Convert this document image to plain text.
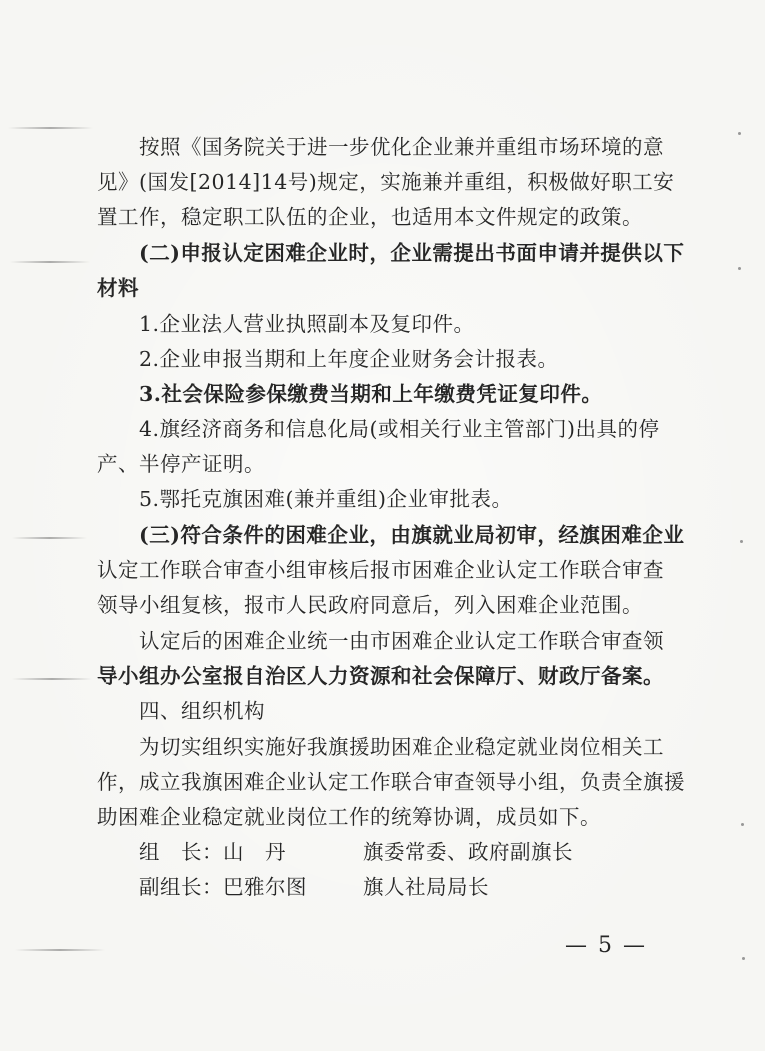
按照《国务院关于进一步优化企业兼并重组市场环境的意
见》(国发[2014]14号)规定，实施兼并重组，积极做好职工安
置工作，稳定职工队伍的企业，也适用本文件规定的政策。
(二)申报认定困难企业时，企业需提出书面申请并提供以下
材料
1.企业法人营业执照副本及复印件。
2.企业申报当期和上年度企业财务会计报表。
3.社会保险参保缴费当期和上年缴费凭证复印件。
4.旗经济商务和信息化局(或相关行业主管部门)出具的停
产、半停产证明。
5.鄂托克旗困难(兼并重组)企业审批表。
(三)符合条件的困难企业，由旗就业局初审，经旗困难企业
认定工作联合审查小组审核后报市困难企业认定工作联合审查
领导小组复核，报市人民政府同意后，列入困难企业范围。
认定后的困难企业统一由市困难企业认定工作联合审查领
导小组办公室报自治区人力资源和社会保障厅、财政厅备案。
四、组织机构
为切实组织实施好我旗援助困难企业稳定就业岗位相关工
作，成立我旗困难企业认定工作联合审查领导小组，负责全旗援
助困难企业稳定就业岗位工作的统筹协调，成员如下。
组　长：山　丹	旗委常委、政府副旗长
副组长：巴雅尔图	旗人社局局长
— 5 —
